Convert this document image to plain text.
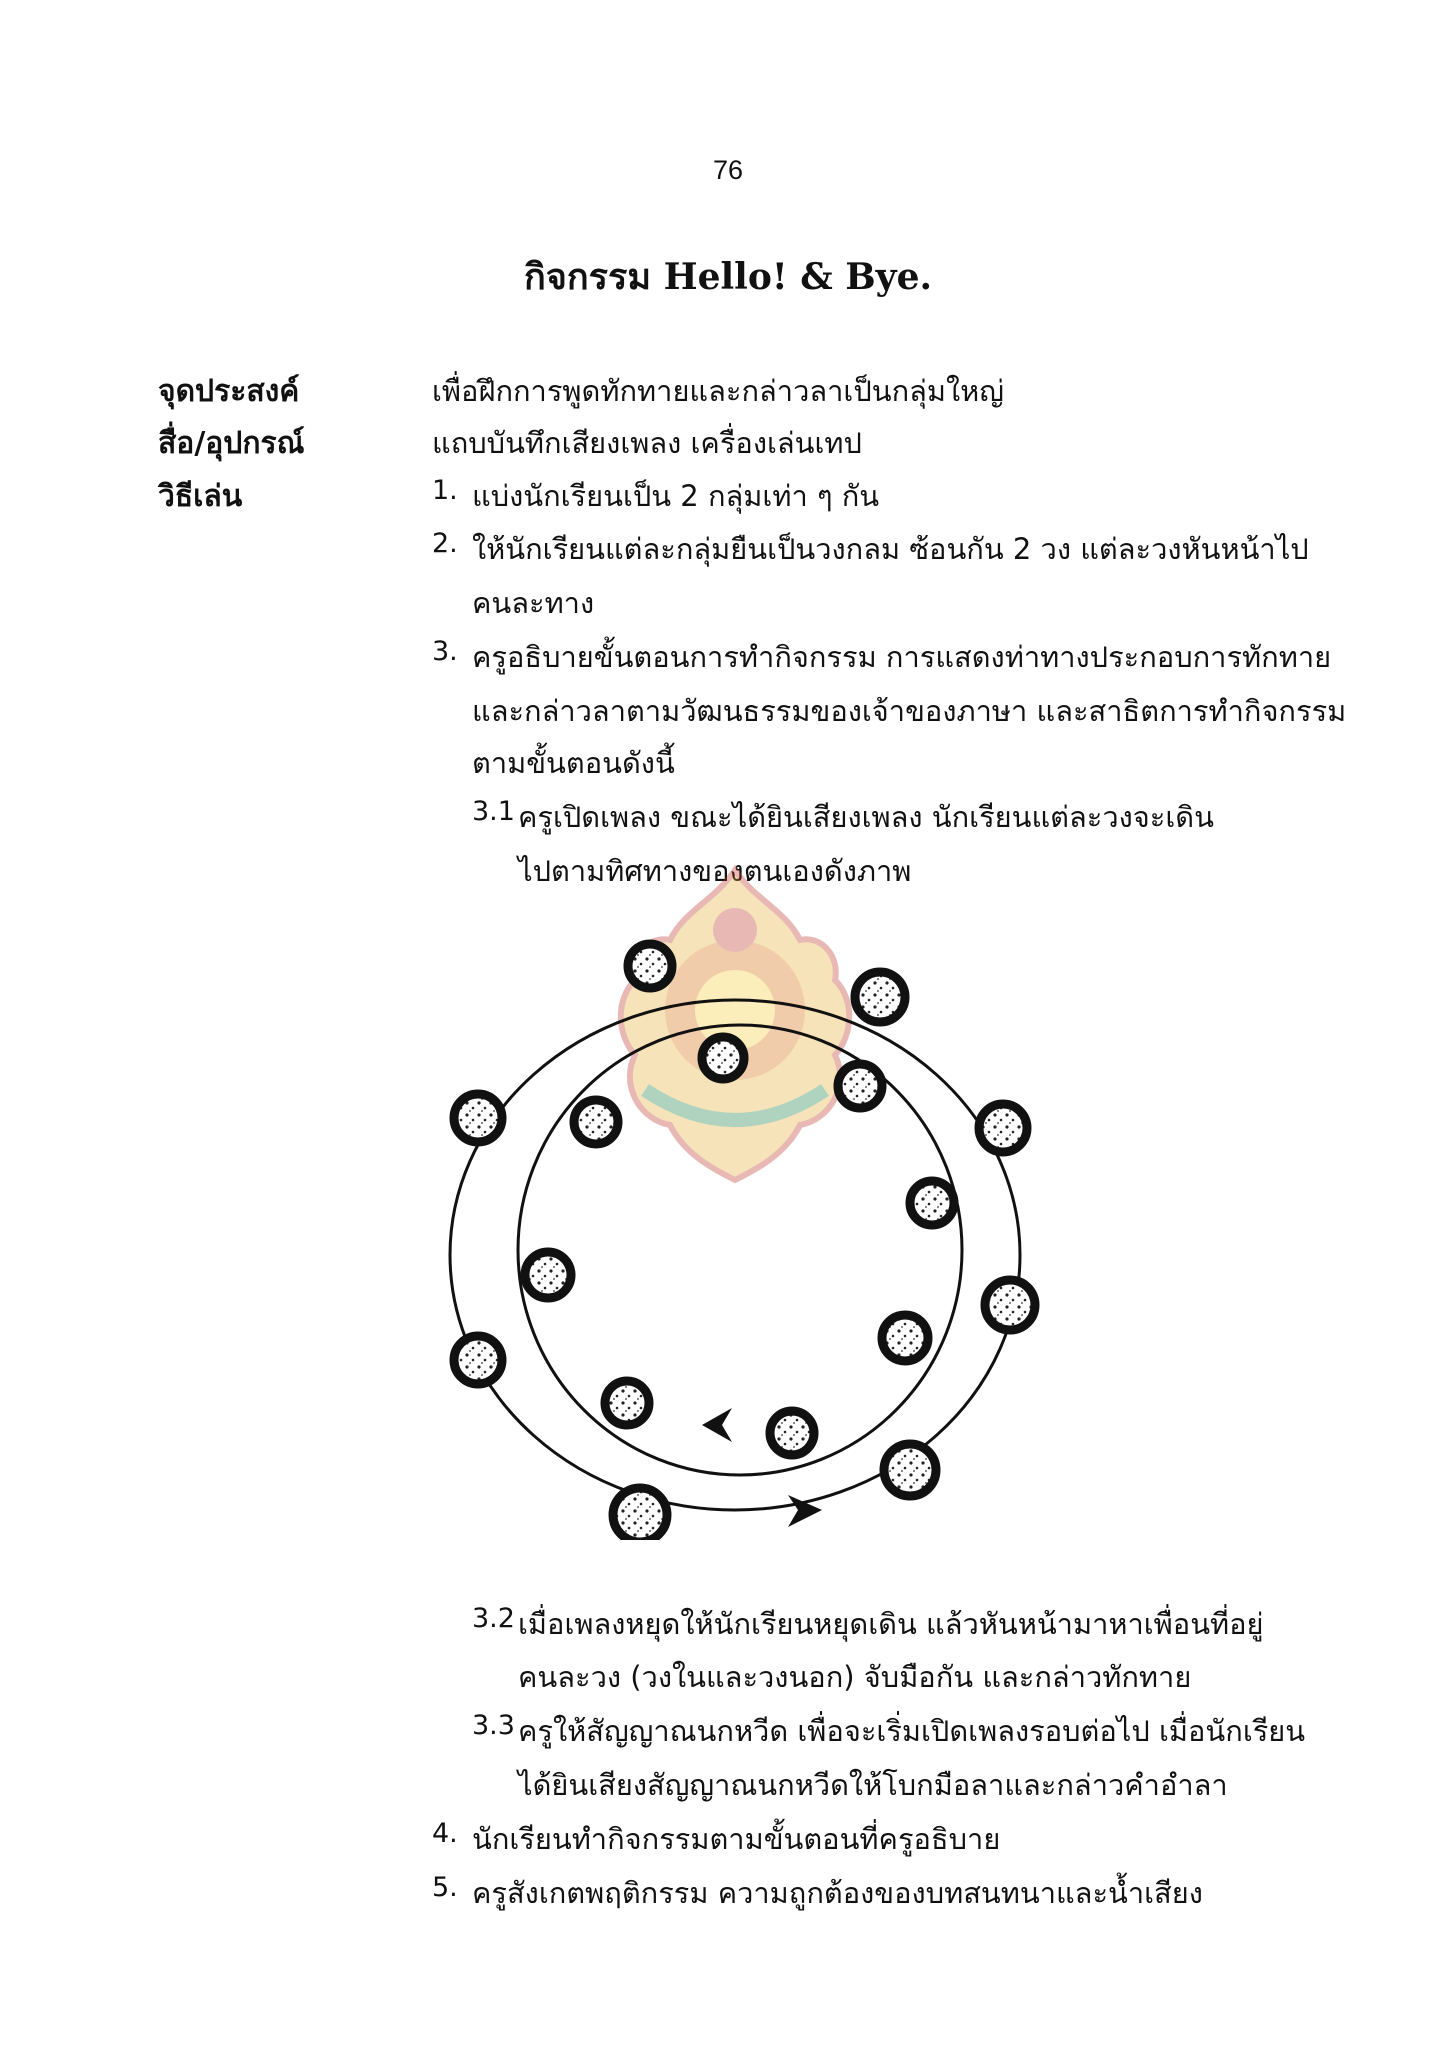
76
กิจกรรม Hello! & Bye.
จุดประสงค์	เพื่อฝึกการพูดทักทายและกล่าวลาเป็นกลุ่มใหญ่
สื่อ/อุปกรณ์	แถบบันทึกเสียงเพลง เครื่องเล่นเทป
วิธีเล่น	1. แบ่งนักเรียนเป็น 2 กลุ่มเท่า ๆ กัน
2. ให้นักเรียนแต่ละกลุ่มยืนเป็นวงกลม ซ้อนกัน 2 วง แต่ละวงหันหน้าไป
คนละทาง
3. ครูอธิบายขั้นตอนการทำกิจกรรม การแสดงท่าทางประกอบการทักทาย
และกล่าวลาตามวัฒนธรรมของเจ้าของภาษา และสาธิตการทำกิจกรรม
ตามขั้นตอนดังนี้
3.1 ครูเปิดเพลง ขณะได้ยินเสียงเพลง นักเรียนแต่ละวงจะเดิน
ไปตามทิศทางของตนเองดังภาพ
3.2 เมื่อเพลงหยุดให้นักเรียนหยุดเดิน แล้วหันหน้ามาหาเพื่อนที่อยู่
คนละวง (วงในและวงนอก) จับมือกัน และกล่าวทักทาย
3.3 ครูให้สัญญาณนกหวีด เพื่อจะเริ่มเปิดเพลงรอบต่อไป เมื่อนักเรียน
ได้ยินเสียงสัญญาณนกหวีดให้โบกมือลาและกล่าวคำอำลา
4. นักเรียนทำกิจกรรมตามขั้นตอนที่ครูอธิบาย
5. ครูสังเกตพฤติกรรม ความถูกต้องของบทสนทนาและน้ำเสียง
